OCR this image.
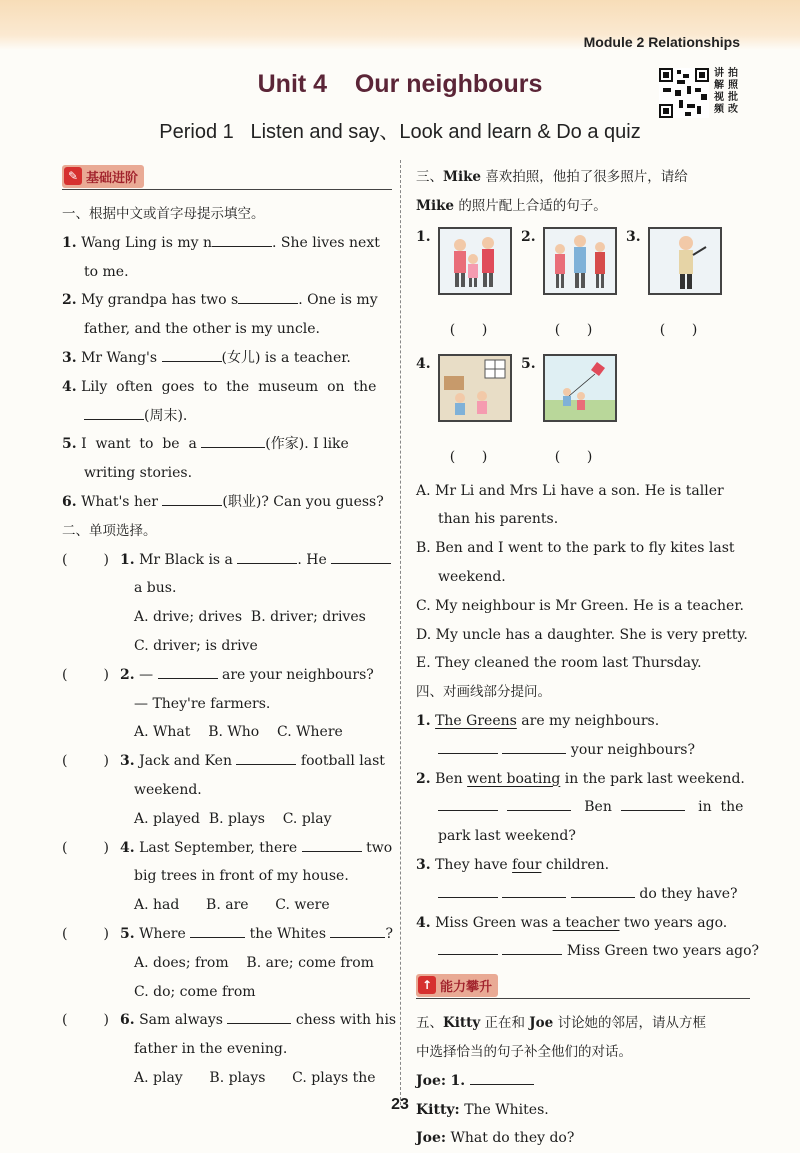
Module 2 Relationships
Unit 4    Our neighbours
Period 1   Listen and say、Look and learn & Do a quiz
讲 拍
解 照
视 批
频 改
✎ 基础进阶
一、根据中文或首字母提示填空。
1. Wang Ling is my n	. She lives next
to me.
2. My grandpa has two s	. One is my
father, and the other is my uncle.
3. Mr Wang's	(女儿) is a teacher.
4. Lily  often  goes  to  the  museum  on  the
(周末).
5. I  want  to  be  a	(作家). I like
writing stories.
6. What's her	(职业)? Can you guess?
二、单项选择。
(	) 1. Mr Black is a	. He
a bus.
A. drive; drives  B. driver; drives
C. driver; is drive
(	) 2. —	are your neighbours?
— They're farmers.
A. What    B. Who    C. Where
(	) 3. Jack and Ken	football last
weekend.
A. played  B. plays    C. play
(	) 4. Last September, there	two
big trees in front of my house.
A. had      B. are      C. were
(	) 5. Where	the Whites	?
A. does; from    B. are; come from
C. do; come from
(	) 6. Sam always	chess with his
father in the evening.
A. play      B. plays      C. plays the
三、Mike 喜欢拍照，他拍了很多照片，请给
Mike 的照片配上合适的句子。
1.	2.	3.
(      )	(      )	(      )
4.	5.
(      )	(      )
A. Mr Li and Mrs Li have a son. He is taller
than his parents.
B. Ben and I went to the park to fly kites last
weekend.
C. My neighbour is Mr Green. He is a teacher.
D. My uncle has a daughter. She is very pretty.
E. They cleaned the room last Thursday.
四、对画线部分提问。
1. The Greens are my neighbours.
your neighbours?
2. Ben went boating in the park last weekend.
Ben	in  the
park last weekend?
3. They have four children.
do they have?
4. Miss Green was a teacher two years ago.
Miss Green two years ago?
↑ 能力攀升
五、Kitty 正在和 Joe 讨论她的邻居，请从方框
中选择恰当的句子补全他们的对话。
Joe: 1.
Kitty: The Whites.
Joe: What do they do?
23
